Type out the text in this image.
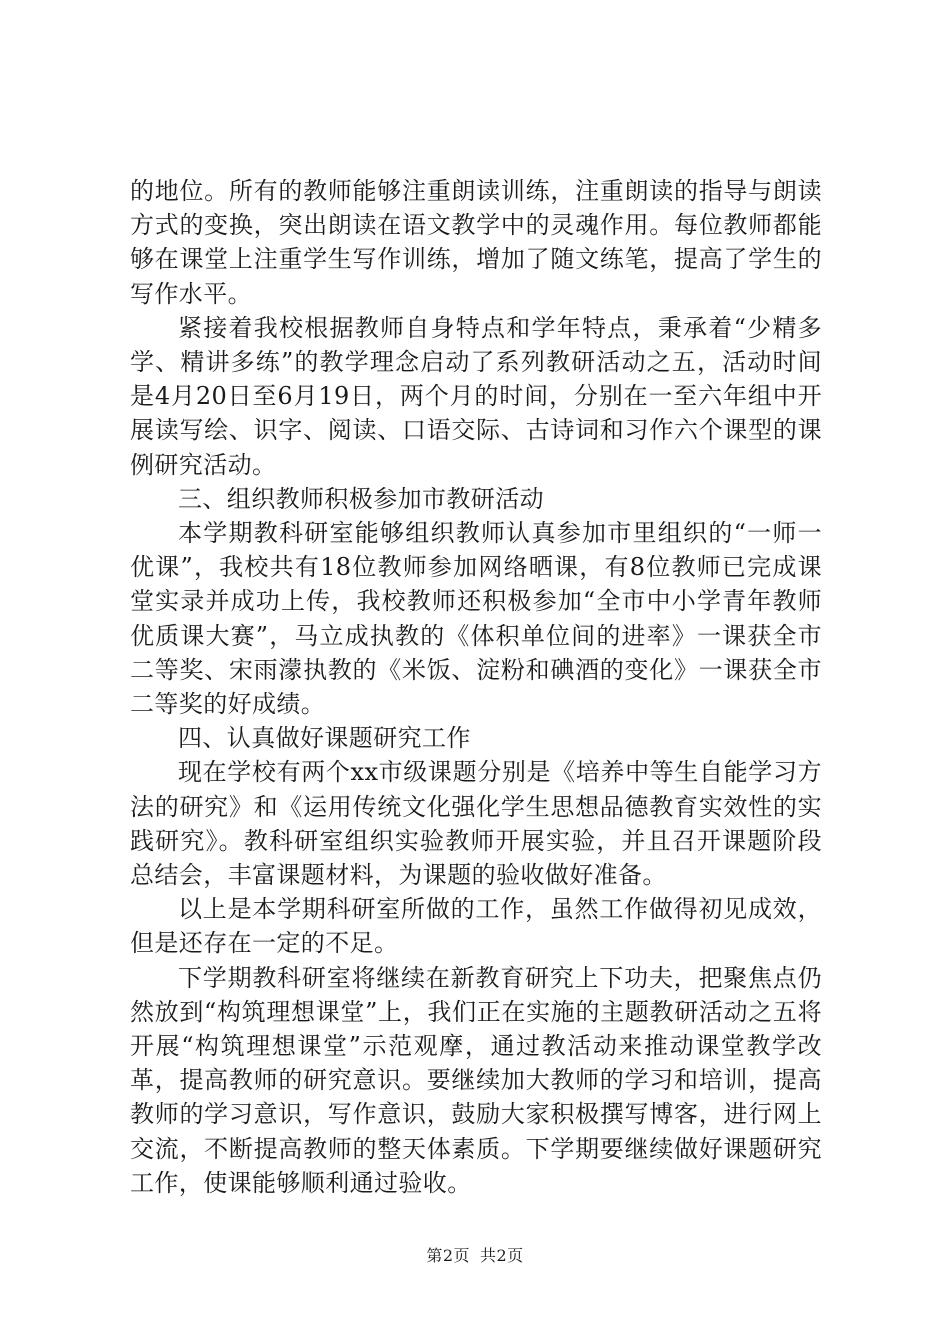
的地位。所有的教师能够注重朗读训练，注重朗读的指导与朗读方式的变换，突出朗读在语文教学中的灵魂作用。每位教师都能够在课堂上注重学生写作训练，增加了随文练笔，提高了学生的写作水平。

紧接着我校根据教师自身特点和学年特点，秉承着“少精多学、精讲多练”的教学理念启动了系列教研活动之五，活动时间是4月20日至6月19日，两个月的时间，分别在一至六年组中开展读写绘、识字、阅读、口语交际、古诗词和习作六个课型的课例研究活动。

三、组织教师积极参加市教研活动

本学期教科研室能够组织教师认真参加市里组织的“一师一优课”，我校共有18位教师参加网络晒课，有8位教师已完成课堂实录并成功上传，我校教师还积极参加“全市中小学青年教师优质课大赛”，马立成执教的《体积单位间的进率》一课获全市二等奖、宋雨濛执教的《米饭、淀粉和碘酒的变化》一课获全市二等奖的好成绩。

四、认真做好课题研究工作

现在学校有两个xx市级课题分别是《培养中等生自能学习方法的研究》和《运用传统文化强化学生思想品德教育实效性的实践研究》。教科研室组织实验教师开展实验，并且召开课题阶段总结会，丰富课题材料，为课题的验收做好准备。

以上是本学期科研室所做的工作，虽然工作做得初见成效，但是还存在一定的不足。

下学期教科研室将继续在新教育研究上下功夫，把聚焦点仍然放到“构筑理想课堂”上，我们正在实施的主题教研活动之五将开展“构筑理想课堂”示范观摩，通过教活动来推动课堂教学改革，提高教师的研究意识。要继续加大教师的学习和培训，提高教师的学习意识，写作意识，鼓励大家积极撰写博客，进行网上交流，不断提高教师的整天体素质。下学期要继续做好课题研究工作，使课能够顺利通过验收。

第2页 共2页
